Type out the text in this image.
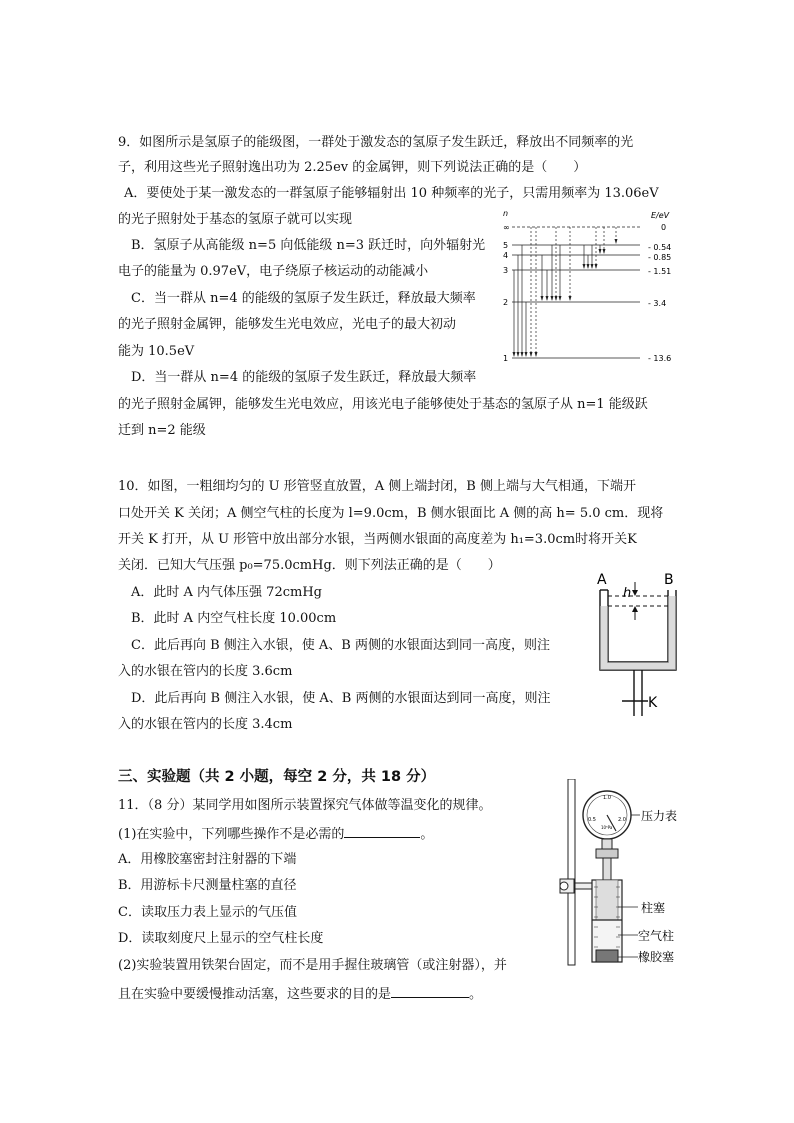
9．如图所示是氢原子的能级图，一群处于激发态的氢原子发生跃迁，释放出不同频率的光
子，利用这些光子照射逸出功为 2.25ev 的金属钾，则下列说法正确的是（　　）
A．要使处于某一激发态的一群氢原子能够辐射出 10 种频率的光子，只需用频率为 13.06eV
的光子照射处于基态的氢原子就可以实现
B．氢原子从高能级 n=5 向低能级 n=3 跃迁时，向外辐射光
电子的能量为 0.97eV，电子绕原子核运动的动能减小
C．当一群从 n=4 的能级的氢原子发生跃迁，释放最大频率
的光子照射金属钾，能够发生光电效应，光电子的最大初动
能为 10.5eV
D．当一群从 n=4 的能级的氢原子发生跃迁，释放最大频率
的光子照射金属钾，能够发生光电效应，用该光电子能够使处于基态的氢原子从 n=1 能级跃
迁到 n=2 能级
n	E/eV
∞
5
4
3
2
1
0
- 0.54
- 0.85
- 1.51
- 3.4
- 13.6
10．如图，一粗细均匀的 U 形管竖直放置，A 侧上端封闭，B 侧上端与大气相通，下端开
口处开关 K 关闭；A 侧空气柱的长度为 l=9.0cm，B 侧水银面比 A 侧的高 h= 5.0 cm．现将
开关 K 打开，从 U 形管中放出部分水银，当两侧水银面的高度差为 h₁=3.0cm时将开关K
关闭．已知大气压强 p₀=75.0cmHg．则下列法正确的是（　　）
A．此时 A 内气体压强 72cmHg
B．此时 A 内空气柱长度 10.00cm
C．此后再向 B 侧注入水银，使 A、B 两侧的水银面达到同一高度，则注
入的水银在管内的长度 3.6cm
D．此后再向 B 侧注入水银，使 A、B 两侧的水银面达到同一高度，则注
入的水银在管内的长度 3.4cm
A	B
h
K
三、实验题（共 2 小题，每空 2 分，共 18 分）
11．（8 分）某同学用如图所示装置探究气体做等温变化的规律。
(1)在实验中，下列哪些操作不是必需的	。
A．用橡胶塞密封注射器的下端
B．用游标卡尺测量柱塞的直径
C．读取压力表上显示的气压值
D．读取刻度尺上显示的空气柱长度
(2)实验装置用铁架台固定，而不是用手握住玻璃管（或注射器），并
且在实验中要缓慢推动活塞，这些要求的目的是	。
0.5
1.0
2.0
10⁵Pa
压力表
柱塞
空气柱
橡胶塞
